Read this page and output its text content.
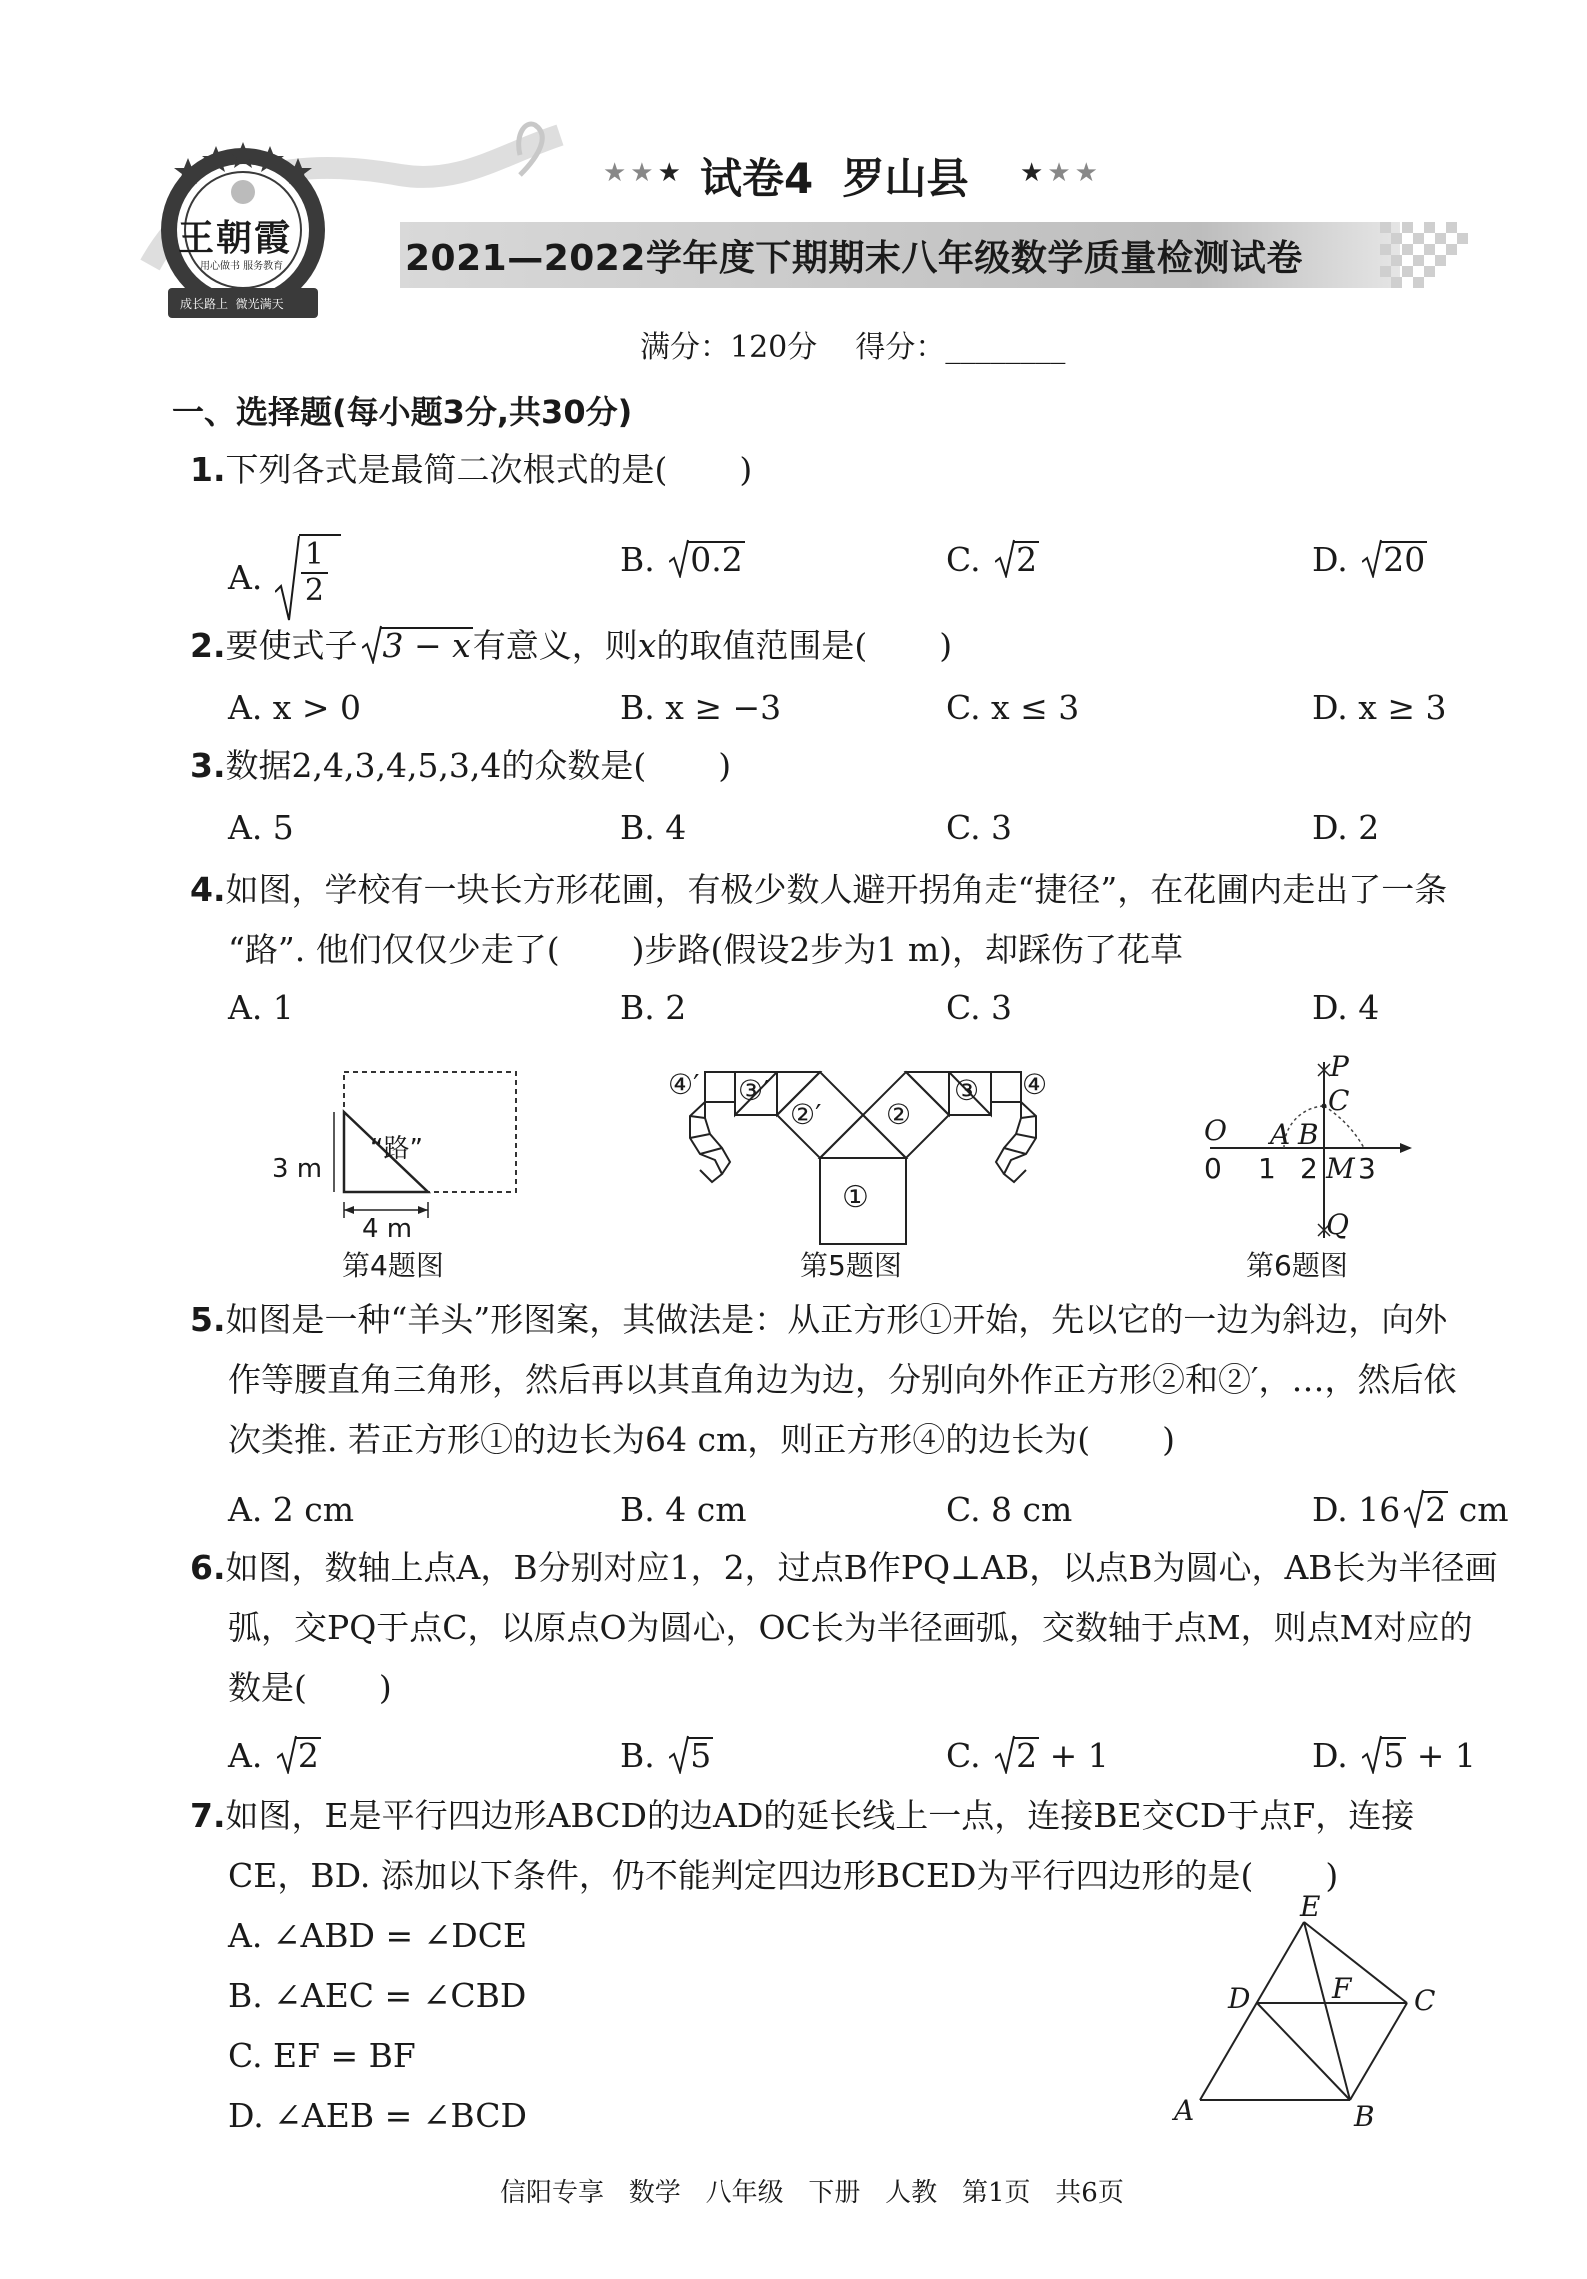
王朝霞
用心做书 服务教育
成长路上  微光满天
★★★ 试卷4  罗山县 ★★★
2021—2022学年度下期期末八年级数学质量检测试卷
满分：120分    得分：________
一、选择题(每小题3分,共30分)
1.下列各式是最简二次根式的是( )
A. $\frac{1}{2}$	B. 0.2	C. 2	D. 20
2.要使式子 3 − x有意义，则x的取值范围是( )
A. x > 0	B. x ≥ −3	C. x ≤ 3	D. x ≥ 3
3.数据2,4,3,4,5,3,4的众数是( )
A. 5	B. 4	C. 3	D. 2
4.如图，学校有一块长方形花圃，有极少数人避开拐角走“捷径”，在花圃内走出了一条
“路”. 他们仅仅少走了( )步路(假设2步为1 m)，却踩伤了花草
A. 1	B. 2	C. 3	D. 4
“路”
3 m
4 m
第4题图
①
②′ ②
③′	③
④′	④
第5题图
P
C
O A B
0 1 2 M 3
Q
第6题图
5.如图是一种“羊头”形图案，其做法是：从正方形①开始，先以它的一边为斜边，向外
作等腰直角三角形，然后再以其直角边为边，分别向外作正方形②和②′，…，然后依
次类推. 若正方形①的边长为64 cm，则正方形④的边长为( )
A. 2 cm	B. 4 cm	C. 8 cm	D. 16 2 cm
6.如图，数轴上点A，B分别对应1，2，过点B作PQ⊥AB，以点B为圆心，AB长为半径画
弧，交PQ于点C，以原点O为圆心，OC长为半径画弧，交数轴于点M，则点M对应的
数是( )
A. 2	B. 5	C. 2 + 1	D. 5 + 1
7.如图，E是平行四边形ABCD的边AD的延长线上一点，连接BE交CD于点F，连接
CE，BD. 添加以下条件，仍不能判定四边形BCED为平行四边形的是( )
A. ∠ABD = ∠DCE
B. ∠AEC = ∠CBD
C. EF = BF
D. ∠AEB = ∠BCD
E
D	F C
A	B
信阳专享   数学   八年级   下册   人教   第1页   共6页
